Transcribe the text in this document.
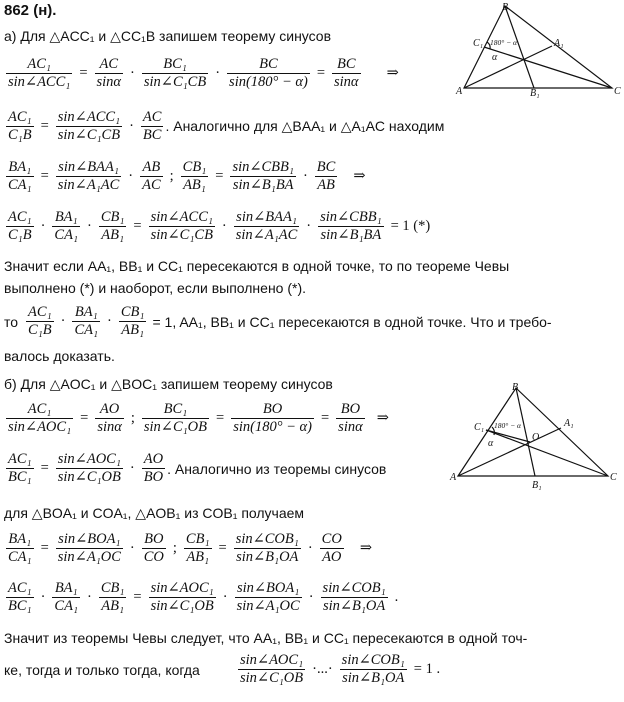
862 (н).
а) Для △ACC₁ и △CC₁B запишем теорему синусов
$\frac{\text{AC₁}}{\text{sin∠ACC₁}} = \frac{AC}{\sin\alpha} \cdot \frac{\text{BC₁}}{\text{sin∠C₁CB}} \cdot \frac{BC}{\sin(180^\circ - \alpha)} = \frac{BC}{\sin\alpha}$ ⇒
$\frac{\text{AC₁}}{\text{C₁B}} = \frac{\text{sin∠ACC₁}}{\text{sin∠C₁CB}} \cdot \frac{AC}{BC}$ . Аналогично для △BAA₁ и △A₁AC находим
$\frac{\text{BA₁}}{\text{CA₁}} = \frac{\text{sin∠BAA₁}}{\text{sin∠A₁AC}} \cdot \frac{AB}{AC}$ ; $\frac{\text{CB₁}}{\text{AB₁}} = \frac{\text{sin∠CBB₁}}{\text{sin∠B₁BA}} \cdot \frac{BC}{AB}$ ⇒
$\frac{\text{AC₁}}{\text{C₁B}} \cdot \frac{\text{BA₁}}{\text{CA₁}} \cdot \frac{\text{CB₁}}{\text{AB₁}} = \frac{\text{sin∠ACC₁}}{\text{sin∠C₁CB}} \cdot \frac{\text{sin∠BAA₁}}{\text{sin∠A₁AC}} \cdot \frac{\text{sin∠CBB₁}}{\text{sin∠B₁BA}} = 1$ (*)
Значит если AA₁, BB₁ и CC₁ пересекаются в одной точке, то по теореме Чевы
выполнено (*) и наоборот, если выполнено (*).
то $\frac{\text{AC₁}}{\text{C₁B}} \cdot \frac{\text{BA₁}}{\text{CA₁}} \cdot \frac{\text{CB₁}}{\text{AB₁}} = 1$, AA₁, BB₁ и CC₁ пересекаются в одной точке. Что и требо-
валось доказать.
B
C₁	A₁
A	B₁	C
180° − α
α
б) Для △AOC₁ и △BOC₁ запишем теорему синусов
$\frac{\text{AC₁}}{\text{sin∠AOC₁}} = \frac{AO}{\sin\alpha}$ ; $\frac{\text{BC₁}}{\text{sin∠C₁OB}} = \frac{BO}{\sin(180^\circ - \alpha)} = \frac{BO}{\sin\alpha}$ ⇒
$\frac{\text{AC₁}}{\text{BC₁}} = \frac{\text{sin∠AOC₁}}{\text{sin∠C₁OB}} \cdot \frac{AO}{BO}$ . Аналогично из теоремы синусов
для △BOA₁ и COA₁, △AOB₁ из COB₁ получаем
$\frac{\text{BA₁}}{\text{CA₁}} = \frac{\text{sin∠BOA₁}}{\text{sin∠A₁OC}} \cdot \frac{BO}{CO}$ ; $\frac{\text{CB₁}}{\text{AB₁}} = \frac{\text{sin∠COB₁}}{\text{sin∠B₁OA}} \cdot \frac{CO}{AO}$ ⇒
$\frac{\text{AC₁}}{\text{BC₁}} \cdot \frac{\text{BA₁}}{\text{CA₁}} \cdot \frac{\text{CB₁}}{\text{AB₁}} = \frac{\text{sin∠AOC₁}}{\text{sin∠C₁OB}} \cdot \frac{\text{sin∠BOA₁}}{\text{sin∠A₁OC}} \cdot \frac{\text{sin∠COB₁}}{\text{sin∠B₁OA}}$ .
Значит из теоремы Чевы следует, что AA₁, BB₁ и CC₁ пересекаются в одной точ-
ке, тогда и только тогда, когда	$\frac{\text{sin∠AOC₁}}{\text{sin∠C₁OB}}$ ·...· $\frac{\text{sin∠COB₁}}{\text{sin∠B₁OA}} = 1$ .
B
C₁	A₁
O
A
B₁
C
180° − α
α
